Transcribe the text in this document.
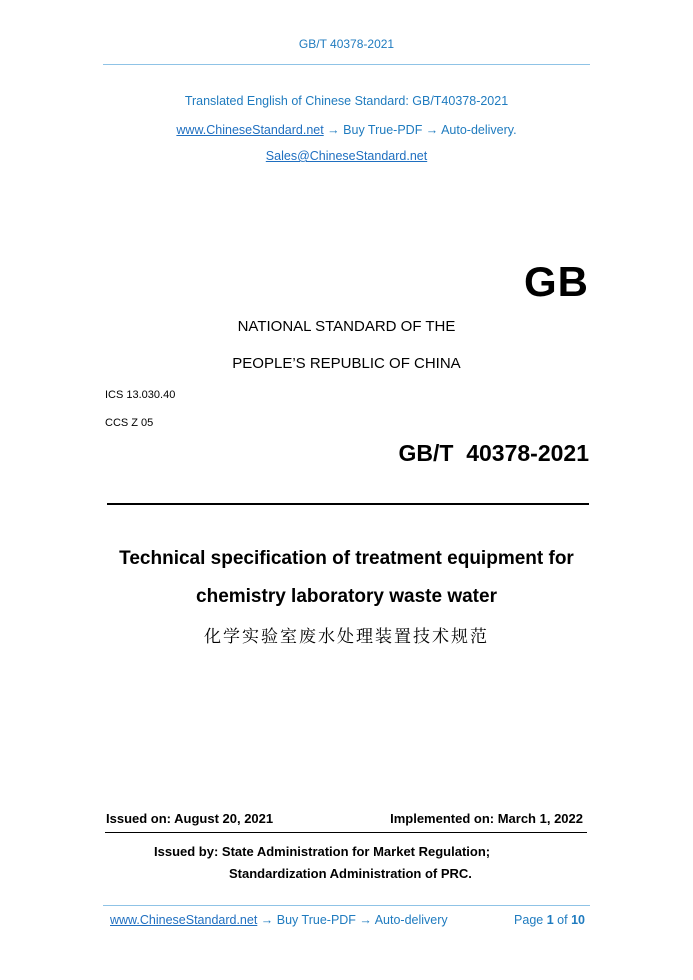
GB/T 40378-2021
Translated English of Chinese Standard: GB/T40378-2021
www.ChineseStandard.net → Buy True-PDF → Auto-delivery.
Sales@ChineseStandard.net
GB
NATIONAL STANDARD OF THE
PEOPLE’S REPUBLIC OF CHINA
ICS 13.030.40
CCS Z 05
GB/T  40378-2021
Technical specification of treatment equipment for
chemistry laboratory waste water
化学实验室废水处理装置技术规范
Issued on: August 20, 2021	Implemented on: March 1, 2022
Issued by: State Administration for Market Regulation;
Standardization Administration of PRC.
www.ChineseStandard.net → Buy True-PDF → Auto-delivery	Page 1 of 10
